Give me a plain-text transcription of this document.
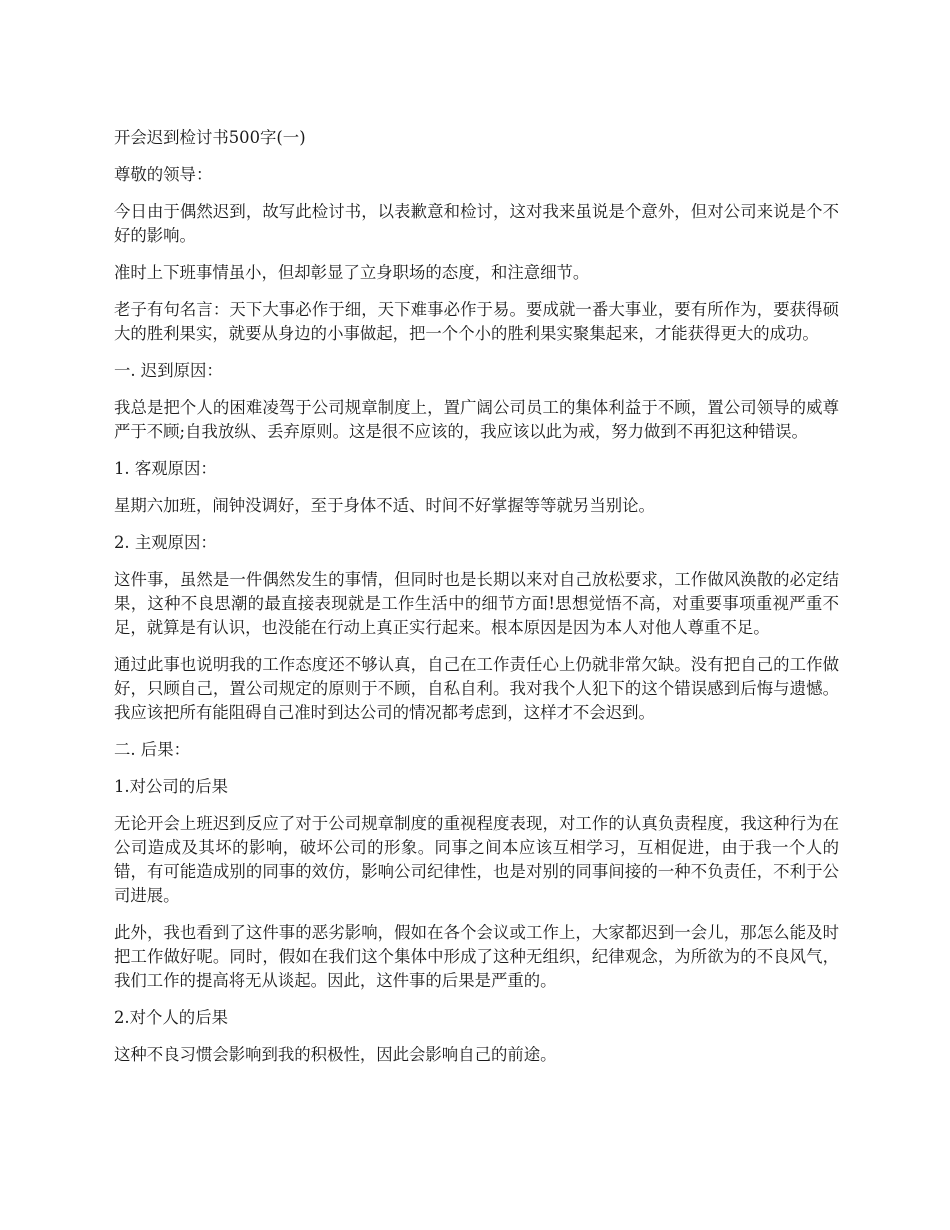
开会迟到检讨书500字(一)

尊敬的领导：

今日由于偶然迟到，故写此检讨书，以表歉意和检讨，这对我来虽说是个意外，但对公司来说是个不好的影响。

准时上下班事情虽小，但却彰显了立身职场的态度，和注意细节。

老子有句名言：天下大事必作于细，天下难事必作于易。要成就一番大事业，要有所作为，要获得硕大的胜利果实，就要从身边的小事做起，把一个个小的胜利果实聚集起来，才能获得更大的成功。

一. 迟到原因：

我总是把个人的困难凌驾于公司规章制度上，置广阔公司员工的集体利益于不顾，置公司领导的威尊严于不顾;自我放纵、丢弃原则。这是很不应该的，我应该以此为戒，努力做到不再犯这种错误。

1. 客观原因：

星期六加班，闹钟没调好，至于身体不适、时间不好掌握等等就另当别论。

2. 主观原因：

这件事，虽然是一件偶然发生的事情，但同时也是长期以来对自己放松要求，工作做风涣散的必定结果，这种不良思潮的最直接表现就是工作生活中的细节方面!思想觉悟不高，对重要事项重视严重不足，就算是有认识，也没能在行动上真正实行起来。根本原因是因为本人对他人尊重不足。

通过此事也说明我的工作态度还不够认真，自己在工作责任心上仍就非常欠缺。没有把自己的工作做好，只顾自己，置公司规定的原则于不顾，自私自利。我对我个人犯下的这个错误感到后悔与遗憾。我应该把所有能阻碍自己准时到达公司的情况都考虑到，这样才不会迟到。

二. 后果：

1.对公司的后果

无论开会上班迟到反应了对于公司规章制度的重视程度表现，对工作的认真负责程度，我这种行为在公司造成及其坏的影响，破坏公司的形象。同事之间本应该互相学习，互相促进，由于我一个人的错，有可能造成别的同事的效仿，影响公司纪律性，也是对别的同事间接的一种不负责任，不利于公司进展。

此外，我也看到了这件事的恶劣影响，假如在各个会议或工作上，大家都迟到一会儿，那怎么能及时把工作做好呢。同时，假如在我们这个集体中形成了这种无组织，纪律观念，为所欲为的不良风气，我们工作的提高将无从谈起。因此，这件事的后果是严重的。

2.对个人的后果

这种不良习惯会影响到我的积极性，因此会影响自己的前途。
